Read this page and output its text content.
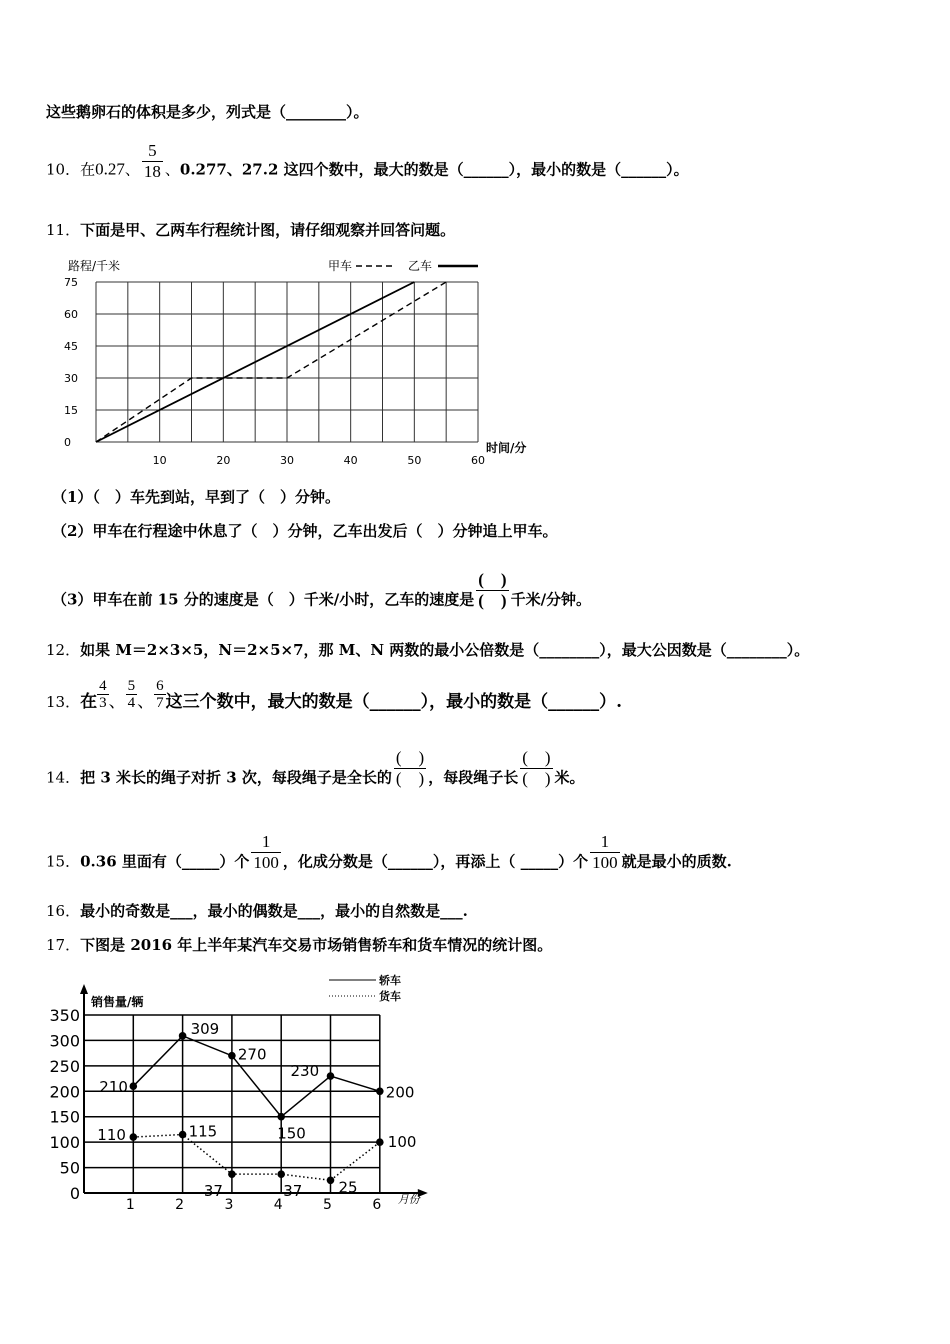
这些鹅卵石的体积是多少，列式是（________）。
10．在0.27、 $\frac{5}{18}$ 、0.277、27.2 这四个数中，最大的数是（______），最小的数是（______）。
11．下面是甲、乙两车行程统计图，请仔细观察并回答问题。
0
15
30
45
60
75
10	20	30	40	50	60
路程/千米
时间/分
甲车	乙车
（1）（　）车先到站，早到了（　）分钟。
（2）甲车在行程途中休息了（　）分钟，乙车出发后（　）分钟追上甲车。
（3）甲车在前 15 分的速度是（　）千米/小时，乙车的速度是 $\frac{( )}{( )}$ 千米/分钟。
12．如果 M＝2×3×5，N＝2×5×7，那 M、N 两数的最小公倍数是（________），最大公因数是（________）。
13．在 $\frac{4}{3}$ 、 $\frac{5}{4}$ 、 $\frac{6}{7}$ 这三个数中，最大的数是（______），最小的数是（______）.
14．把 3 米长的绳子对折 3 次，每段绳子是全长的 $\frac{( )}{( )}$ ，每段绳子长 $\frac{( )}{( )}$ 米。
15．0.36 里面有（_____）个 $\frac{1}{100}$ ，化成分数是（______），再添上（ _____）个 $\frac{1}{100}$ 就是最小的质数.
16．最小的奇数是___，最小的偶数是___，最小的自然数是___.
17．下图是 2016 年上半年某汽车交易市场销售轿车和货车情况的统计图。
0
50
100
150
200
250
300
350
1	2	3	4	5	6
销售量/辆
月份
轿车
货车
210
309
270
150
230
200
110	115
37	37 25
100
